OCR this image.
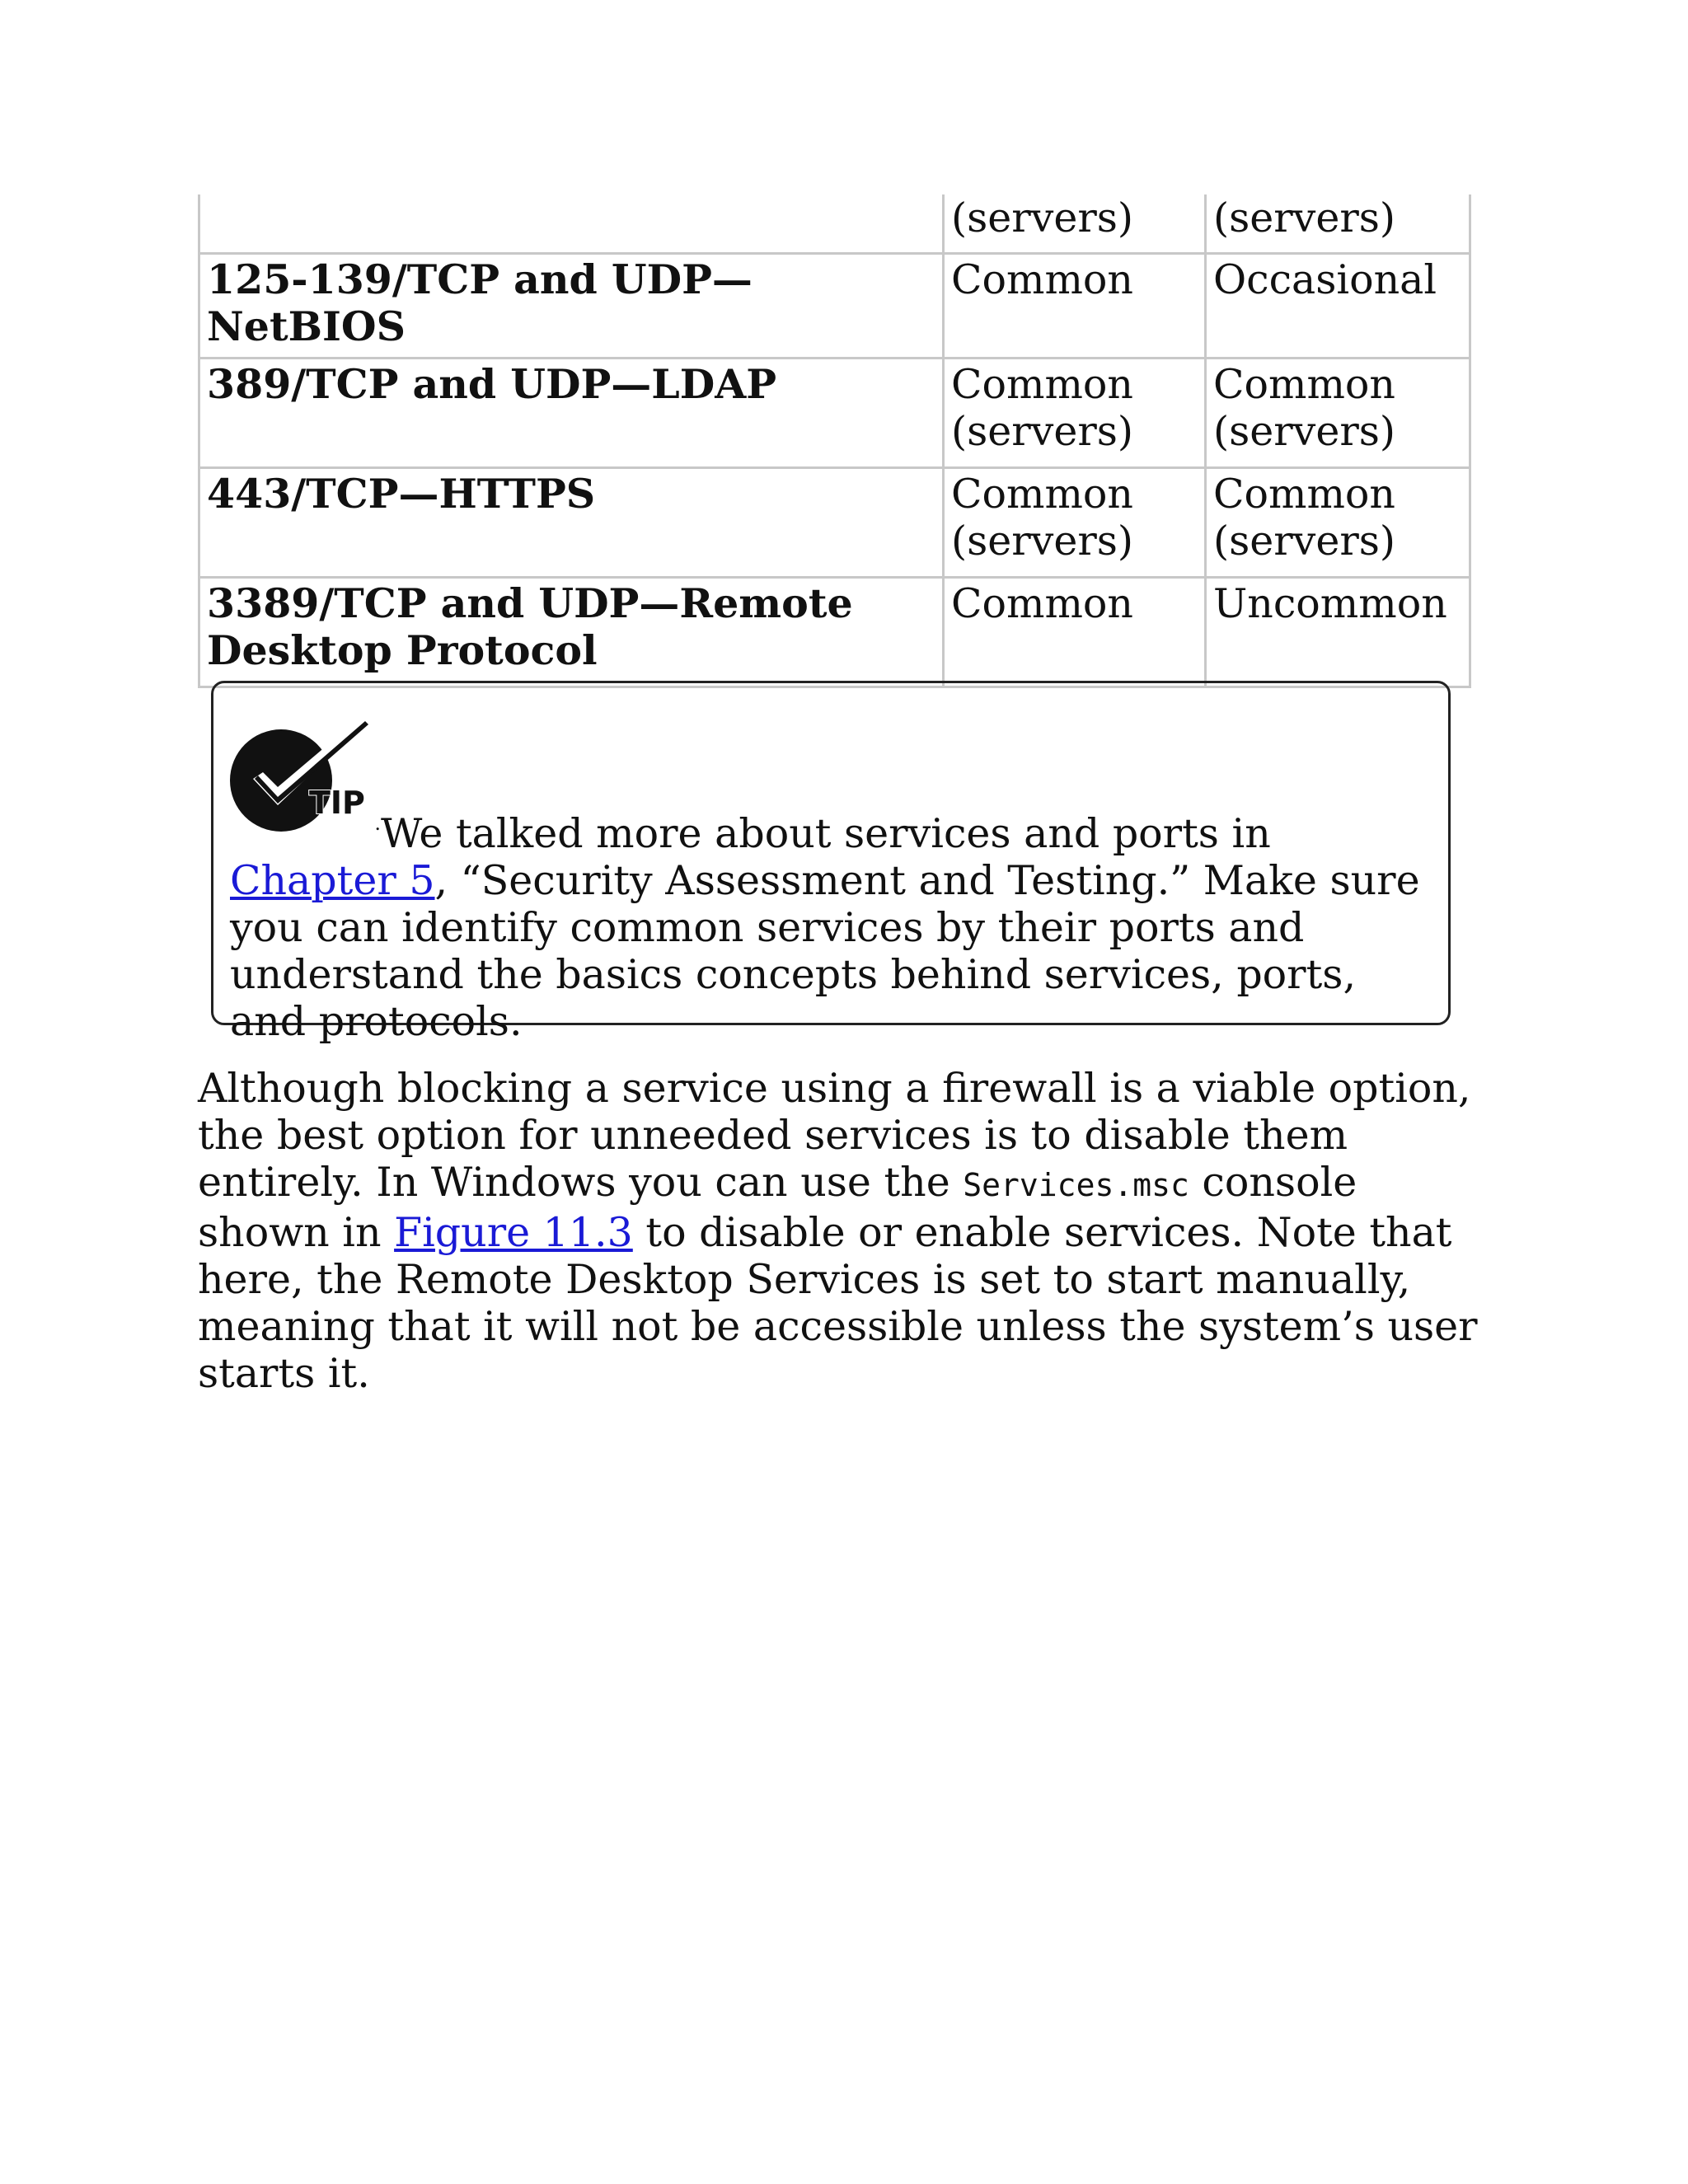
	(servers)	(servers)
125-139/TCP and UDP—NetBIOS	Common	Occasional
389/TCP and UDP—LDAP	Common (servers)	Common (servers)
443/TCP—HTTPS	Common (servers)	Common (servers)
3389/TCP and UDP—Remote Desktop Protocol	Common	Uncommon
TIP
. We talked more about services and ports in Chapter 5, “Security Assessment and Testing.” Make sure you can identify common services by their ports and understand the basics concepts behind services, ports, and protocols.
Although blocking a service using a firewall is a viable option, the best option for unneeded services is to disable them entirely. In Windows you can use the Services.msc console shown in Figure 11.3 to disable or enable services. Note that here, the Remote Desktop Services is set to start manually, meaning that it will not be accessible unless the system’s user starts it.
